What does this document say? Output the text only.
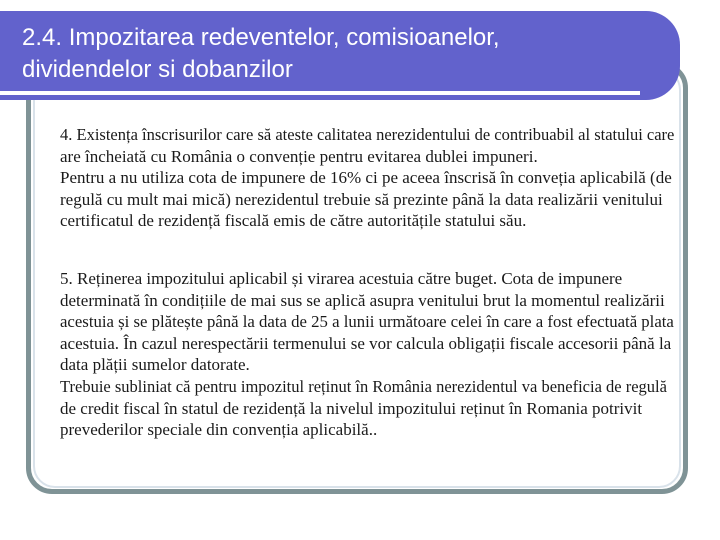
2.4. Impozitarea redeventelor, comisioanelor,
dividendelor si dobanzilor
4. Existența înscrisurilor care să ateste calitatea nerezidentului de contribuabil al statului care
are încheiată cu România o convenție pentru evitarea dublei impuneri.
Pentru a nu utiliza cota de impunere de 16% ci pe aceea înscrisă în conveția aplicabilă (de
regulă cu mult mai mică) nerezidentul trebuie să prezinte până la data realizării venitului
certificatul de rezidență fiscală emis de către autoritățile statului său.
5. Reținerea impozitului aplicabil și virarea acestuia către buget. Cota de impunere
determinată în condițiile de mai sus se aplică asupra venitului brut la momentul realizării
acestuia și se plătește până la data de 25 a lunii următoare celei în care a fost efectuată plata
acestuia. În cazul nerespectării termenului se vor calcula obligații fiscale accesorii până la
data plății sumelor datorate.
Trebuie subliniat că pentru impozitul reținut în România nerezidentul va beneficia de regulă
de credit fiscal în statul de rezidență la nivelul impozitului reținut în Romania potrivit
prevederilor speciale din convenția aplicabilă..
